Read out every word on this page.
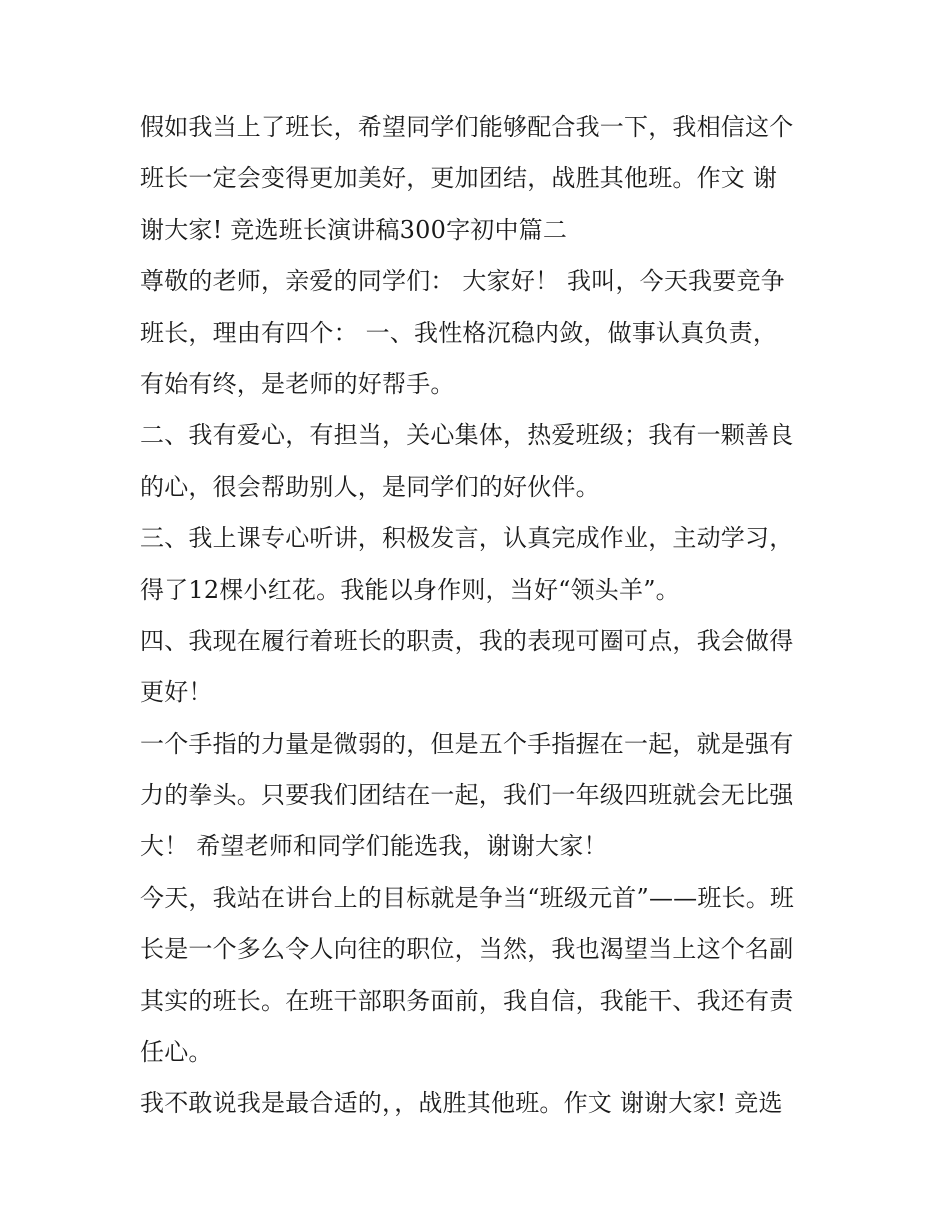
假如我当上了班长，希望同学们能够配合我一下，我相信这个
班长一定会变得更加美好，更加团结，战胜其他班。作文 谢
谢大家! 竞选班长演讲稿300字初中篇二
尊敬的老师，亲爱的同学们： 大家好！ 我叫，今天我要竞争
班长，理由有四个： 一、我性格沉稳内敛，做事认真负责，
有始有终，是老师的好帮手。
二、我有爱心，有担当，关心集体，热爱班级；我有一颗善良
的心，很会帮助别人，是同学们的好伙伴。
三、我上课专心听讲，积极发言，认真完成作业，主动学习，
得了12棵小红花。我能以身作则，当好“领头羊”。
四、我现在履行着班长的职责，我的表现可圈可点，我会做得
更好！
一个手指的力量是微弱的，但是五个手指握在一起，就是强有
力的拳头。只要我们团结在一起，我们一年级四班就会无比强
大！ 希望老师和同学们能选我，谢谢大家！
今天，我站在讲台上的目标就是争当“班级元首”——班长。班
长是一个多么令人向往的职位，当然，我也渴望当上这个名副
其实的班长。在班干部职务面前，我自信，我能干、我还有责
任心。
我不敢说我是最合适的，，战胜其他班。作文 谢谢大家! 竞选
